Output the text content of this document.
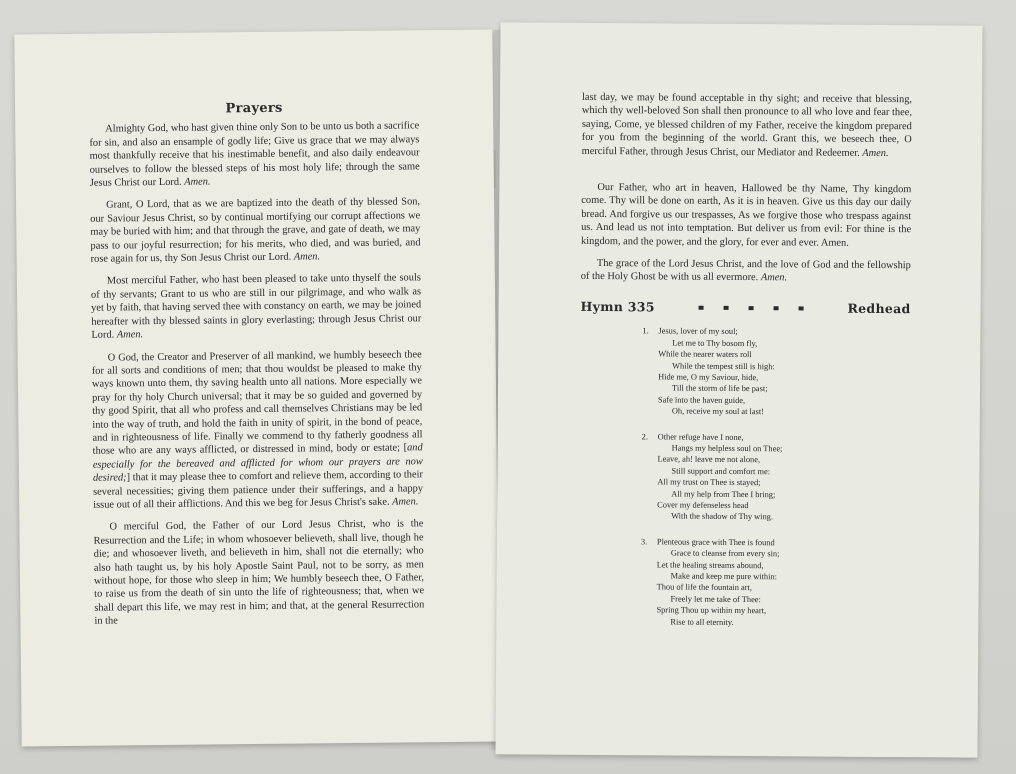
Prayers

Almighty God, who hast given thine only Son to be unto us both a sacrifice for sin, and also an ensample of godly life; Give us grace that we may always most thankfully receive that his inestimable benefit, and also daily endeavour ourselves to follow the blessed steps of his most holy life; through the same Jesus Christ our Lord. Amen.

Grant, O Lord, that as we are baptized into the death of thy blessed Son, our Saviour Jesus Christ, so by continual mortifying our corrupt affections we may be buried with him; and that through the grave, and gate of death, we may pass to our joyful resurrection; for his merits, who died, and was buried, and rose again for us, thy Son Jesus Christ our Lord. Amen.

Most merciful Father, who hast been pleased to take unto thyself the souls of thy servants; Grant to us who are still in our pilgrimage, and who walk as yet by faith, that having served thee with constancy on earth, we may be joined hereafter with thy blessed saints in glory everlasting; through Jesus Christ our Lord. Amen.

O God, the Creator and Preserver of all mankind, we humbly beseech thee for all sorts and conditions of men; that thou wouldst be pleased to make thy ways known unto them, thy saving health unto all nations. More especially we pray for thy holy Church universal; that it may be so guided and governed by thy good Spirit, that all who profess and call themselves Christians may be led into the way of truth, and hold the faith in unity of spirit, in the bond of peace, and in righteousness of life. Finally we commend to thy fatherly goodness all those who are any ways afflicted, or distressed in mind, body or estate; [and especially for the bereaved and afflicted for whom our prayers are now desired;] that it may please thee to comfort and relieve them, according to their several necessities; giving them patience under their sufferings, and a happy issue out of all their afflictions. And this we beg for Jesus Christ's sake. Amen.

O merciful God, the Father of our Lord Jesus Christ, who is the Resurrection and the Life; in whom whosoever believeth, shall live, though he die; and whosoever liveth, and believeth in him, shall not die eternally; who also hath taught us, by his holy Apostle Saint Paul, not to be sorry, as men without hope, for those who sleep in him; We humbly beseech thee, O Father, to raise us from the death of sin unto the life of righteousness; that, when we shall depart this life, we may rest in him; and that, at the general Resurrection in the

last day, we may be found acceptable in thy sight; and receive that blessing, which thy well-beloved Son shall then pronounce to all who love and fear thee, saying, Come, ye blessed children of my Father, receive the kingdom prepared for you from the beginning of the world. Grant this, we beseech thee, O merciful Father, through Jesus Christ, our Mediator and Redeemer. Amen.

Our Father, who art in heaven, Hallowed be thy Name, Thy kingdom come. Thy will be done on earth, As it is in heaven. Give us this day our daily bread. And forgive us our trespasses, As we forgive those who trespass against us. And lead us not into temptation. But deliver us from evil: For thine is the kingdom, and the power, and the glory, for ever and ever. Amen.

The grace of the Lord Jesus Christ, and the love of God and the fellowship of the Holy Ghost be with us all evermore. Amen.

Hymn 335	Redhead
1. Jesus, lover of my soul;
Let me to Thy bosom fly,
While the nearer waters roll
While the tempest still is high:
Hide me, O my Saviour, hide,
Till the storm of life be past;
Safe into the haven guide,
Oh, receive my soul at last!
2. Other refuge have I none,
Hangs my helpless soul on Thee;
Leave, ah! leave me not alone,
Still support and comfort me:
All my trust on Thee is stayed;
All my help from Thee I bring;
Cover my defenseless head
With the shadow of Thy wing.
3. Plenteous grace with Thee is found
Grace to cleanse from every sin;
Let the healing streams abound,
Make and keep me pure within:
Thou of life the fountain art,
Freely let me take of Thee:
Spring Thou up within my heart,
Rise to all eternity.
